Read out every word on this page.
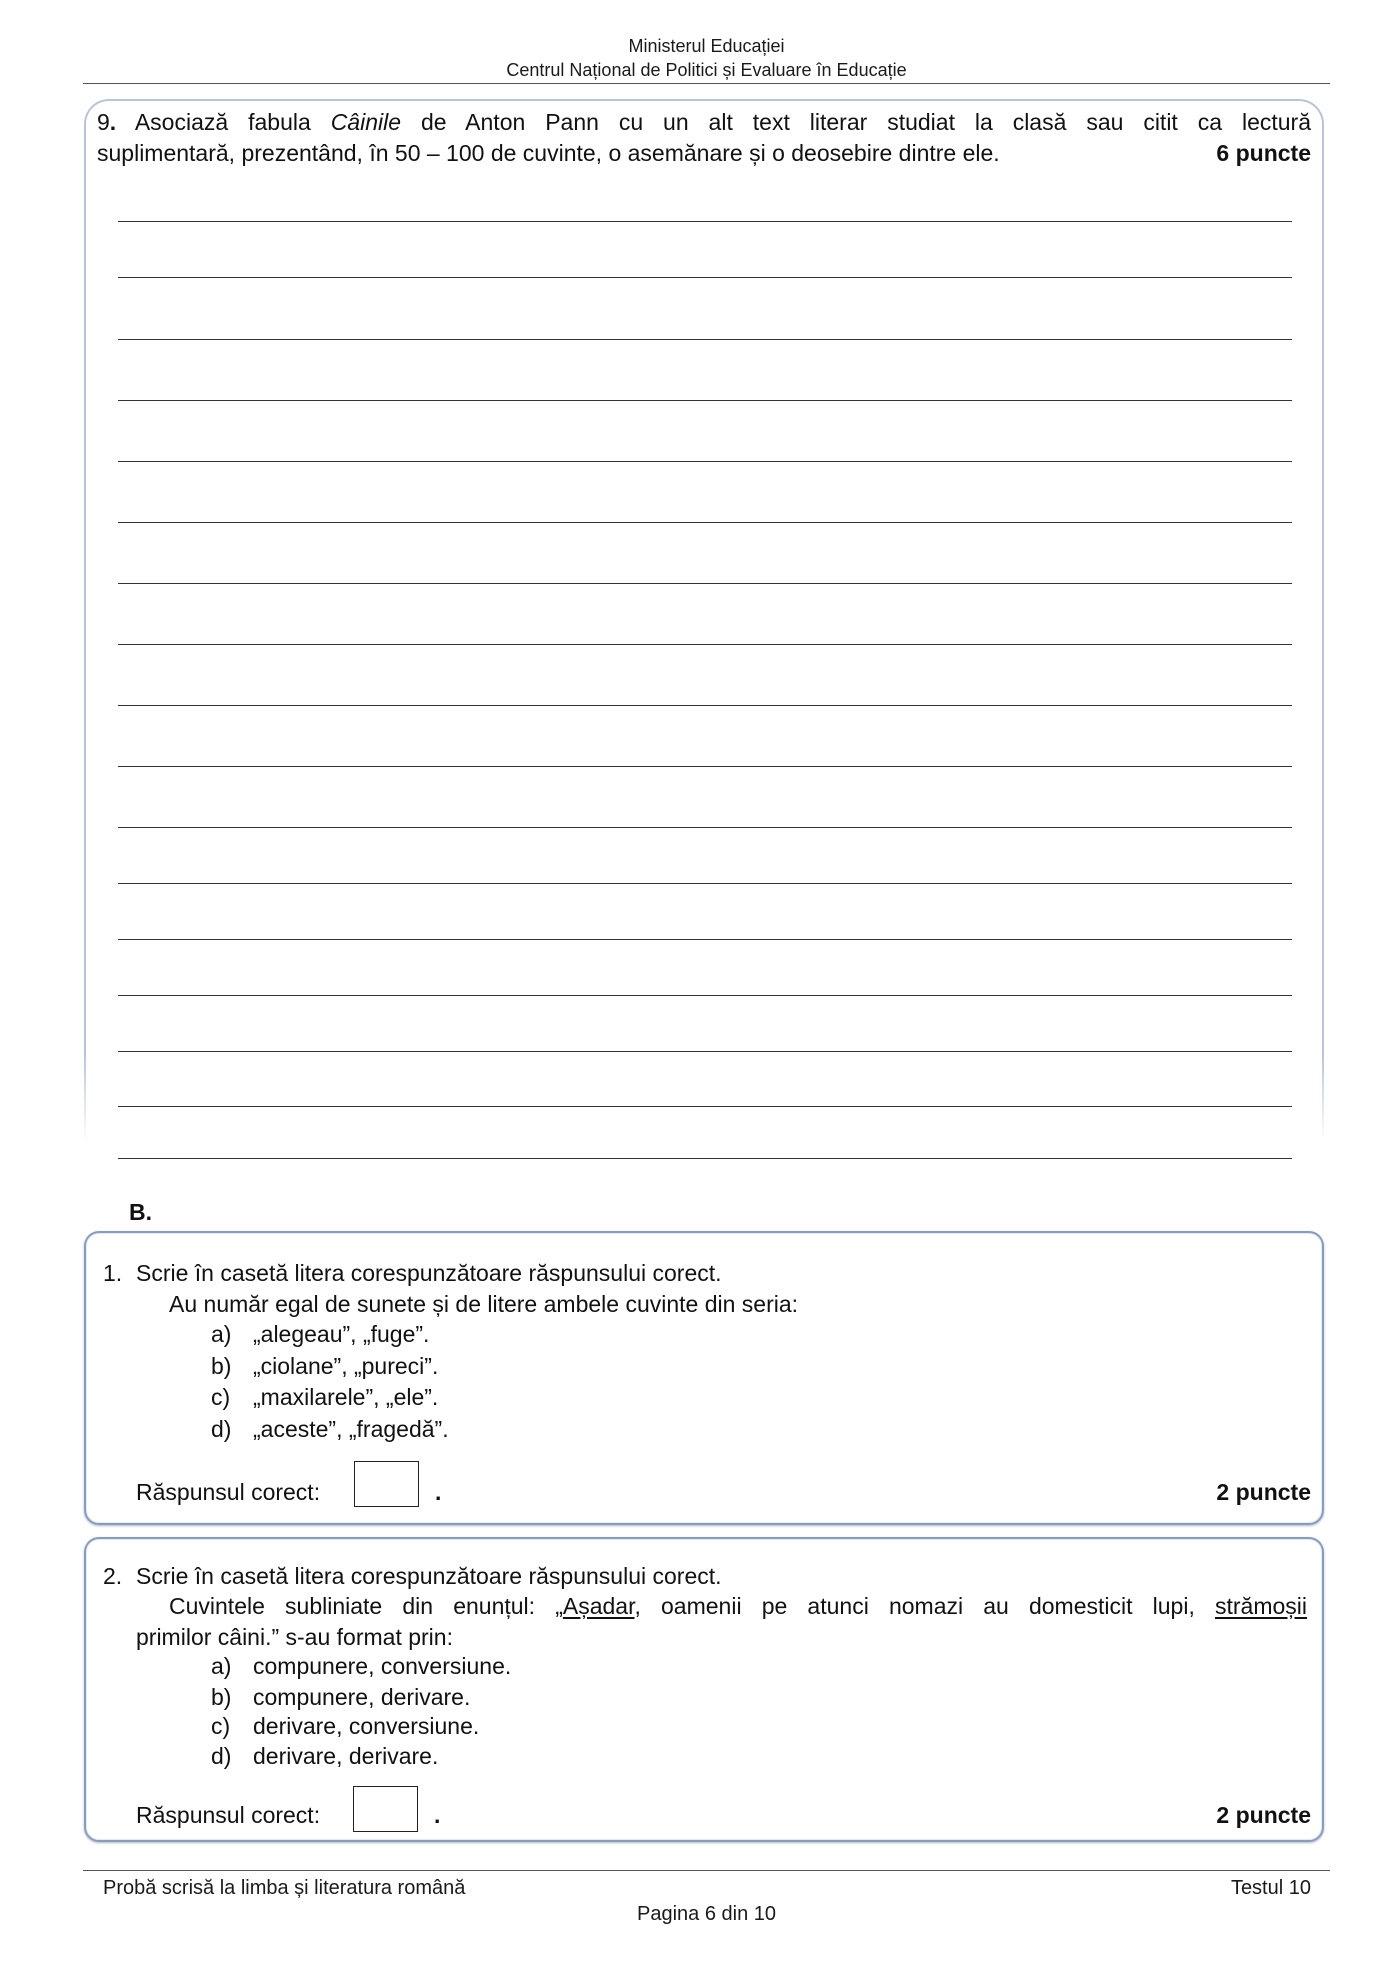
Ministerul Educației
Centrul Național de Politici și Evaluare în Educație
9. Asociază fabula Câinile de Anton Pann cu un alt text literar studiat la clasă sau citit ca lectură
suplimentară, prezentând, în 50 – 100 de cuvinte, o asemănare și o deosebire dintre ele.	6 puncte
B.
1. Scrie în casetă litera corespunzătoare răspunsului corect.
Au număr egal de sunete și de litere ambele cuvinte din seria:
a) „alegeau”, „fuge”.
b) „ciolane”, „pureci”.
c) „maxilarele”, „ele”.
d) „aceste”, „fragedă”.
Răspunsul corect:	.	2 puncte
2. Scrie în casetă litera corespunzătoare răspunsului corect.
Cuvintele subliniate din enunțul: „Așadar, oamenii pe atunci nomazi au domesticit lupi, strămoșii
primilor câini.” s-au format prin:
a) compunere, conversiune.
b) compunere, derivare.
c) derivare, conversiune.
d) derivare, derivare.
Răspunsul corect:	.	2 puncte
Probă scrisă la limba și literatura română	Testul 10
Pagina 6 din 10
